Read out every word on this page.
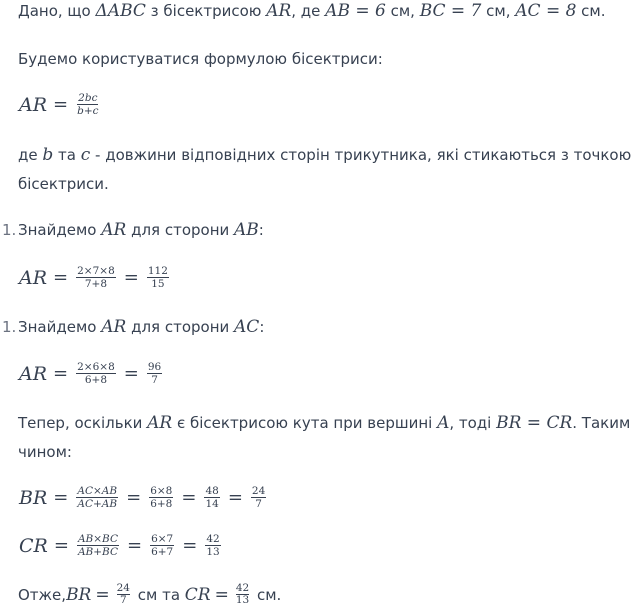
Дано, що ΔABC з бісектрисою AR, де AB = 6 см, BC = 7 см, AC = 8 см.
Будемо користуватися формулою бісектриси:
AR = $\frac{2bc}{b+c}$
де b та c - довжини відповідних сторін трикутника, які стикаються з точкою
бісектриси.
1. Знайдемо AR для сторони AB:
AR = $\frac{2\times 7\times 8}{7+8} = \frac{112}{15}$
1. Знайдемо AR для сторони AC:
AR = $\frac{2\times 6\times 8}{6+8} = \frac{96}{7}$
Тепер, оскільки AR є бісектрисою кута при вершині A, тоді BR = CR. Таким
чином:
BR = $\frac{AC\times AB}{AC+AB} = \frac{6\times 8}{6+8} = \frac{48}{14} = \frac{24}{7}$
CR = $\frac{AB\times BC}{AB+BC} = \frac{6\times 7}{6+7} = \frac{42}{13}$
Отже, BR = $\frac{24}{7}$ см та CR = $\frac{42}{13}$ см.
